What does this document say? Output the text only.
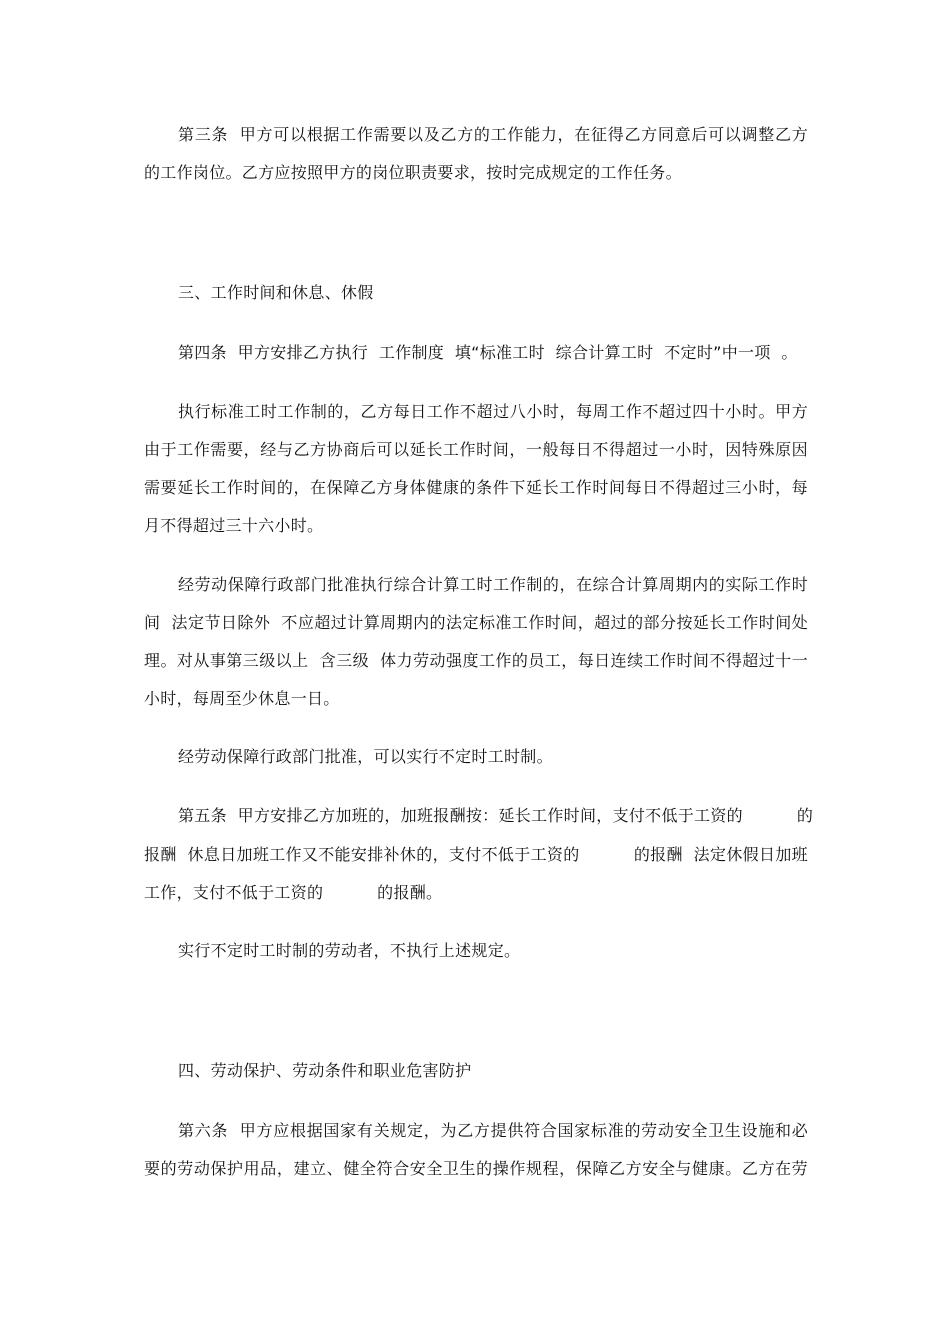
第三条  甲方可以根据工作需要以及乙方的工作能力，在征得乙方同意后可以调整乙方
的工作岗位。乙方应按照甲方的岗位职责要求，按时完成规定的工作任务。
三、工作时间和休息、休假
第四条  甲方安排乙方执行  工作制度  填“标准工时  综合计算工时  不定时”中一项  。
执行标准工时工作制的，乙方每日工作不超过八小时，每周工作不超过四十小时。甲方
由于工作需要，经与乙方协商后可以延长工作时间，一般每日不得超过一小时，因特殊原因
需要延长工作时间的，在保障乙方身体健康的条件下延长工作时间每日不得超过三小时，每
月不得超过三十六小时。
经劳动保障行政部门批准执行综合计算工时工作制的，在综合计算周期内的实际工作时
间  法定节日除外  不应超过计算周期内的法定标准工作时间，超过的部分按延长工作时间处
理。对从事第三级以上  含三级  体力劳动强度工作的员工，每日连续工作时间不得超过十一
小时，每周至少休息一日。
经劳动保障行政部门批准，可以实行不定时工时制。
第五条  甲方安排乙方加班的，加班报酬按：延长工作时间，支付不低于工资的          的
报酬  休息日加班工作又不能安排补休的，支付不低于工资的          的报酬  法定休假日加班
工作，支付不低于工资的          的报酬。
实行不定时工时制的劳动者，不执行上述规定。
四、劳动保护、劳动条件和职业危害防护
第六条  甲方应根据国家有关规定，为乙方提供符合国家标准的劳动安全卫生设施和必
要的劳动保护用品，建立、健全符合安全卫生的操作规程，保障乙方安全与健康。乙方在劳
